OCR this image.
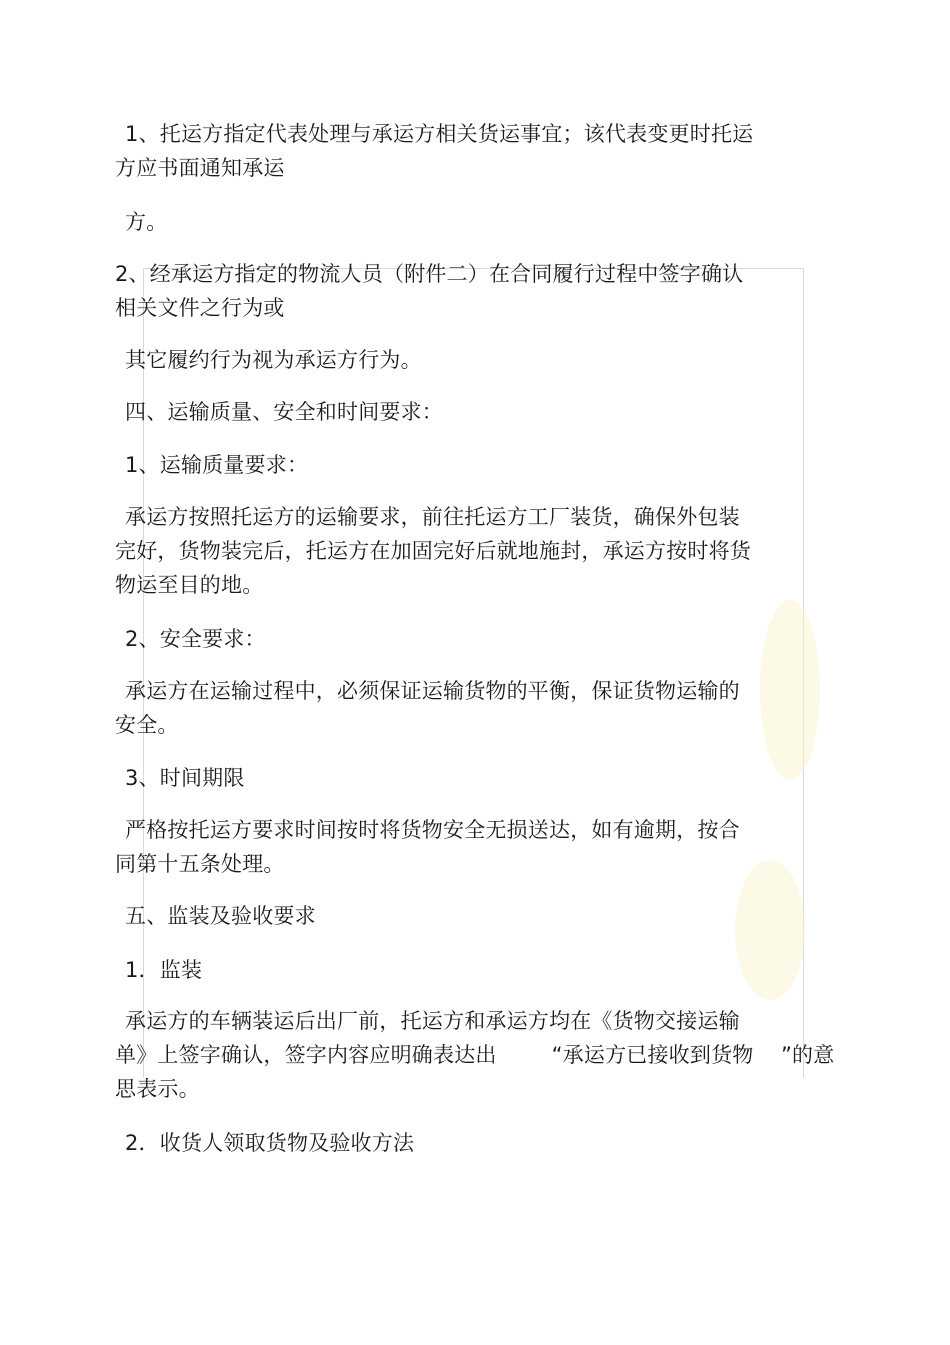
1、托运方指定代表处理与承运方相关货运事宜；该代表变更时托运

方应书面通知承运

方。

2、经承运方指定的物流人员（附件二）在合同履行过程中签字确认

相关文件之行为或

其它履约行为视为承运方行为。

四、运输质量、安全和时间要求：

1、运输质量要求：

承运方按照托运方的运输要求，前往托运方工厂装货，确保外包装

完好，货物装完后，托运方在加固完好后就地施封，承运方按时将货

物运至目的地。

2、安全要求：

承运方在运输过程中，必须保证运输货物的平衡，保证货物运输的

安全。

3、时间期限

严格按托运方要求时间按时将货物安全无损送达，如有逾期，按合

同第十五条处理。

五、监装及验收要求

1．监装

承运方的车辆装运后出厂前，托运方和承运方均在《货物交接运输

单》上签字确认，签字内容应明确表达出        “承运方已接收到货物    ”的意

思表示。

2．收货人领取货物及验收方法
